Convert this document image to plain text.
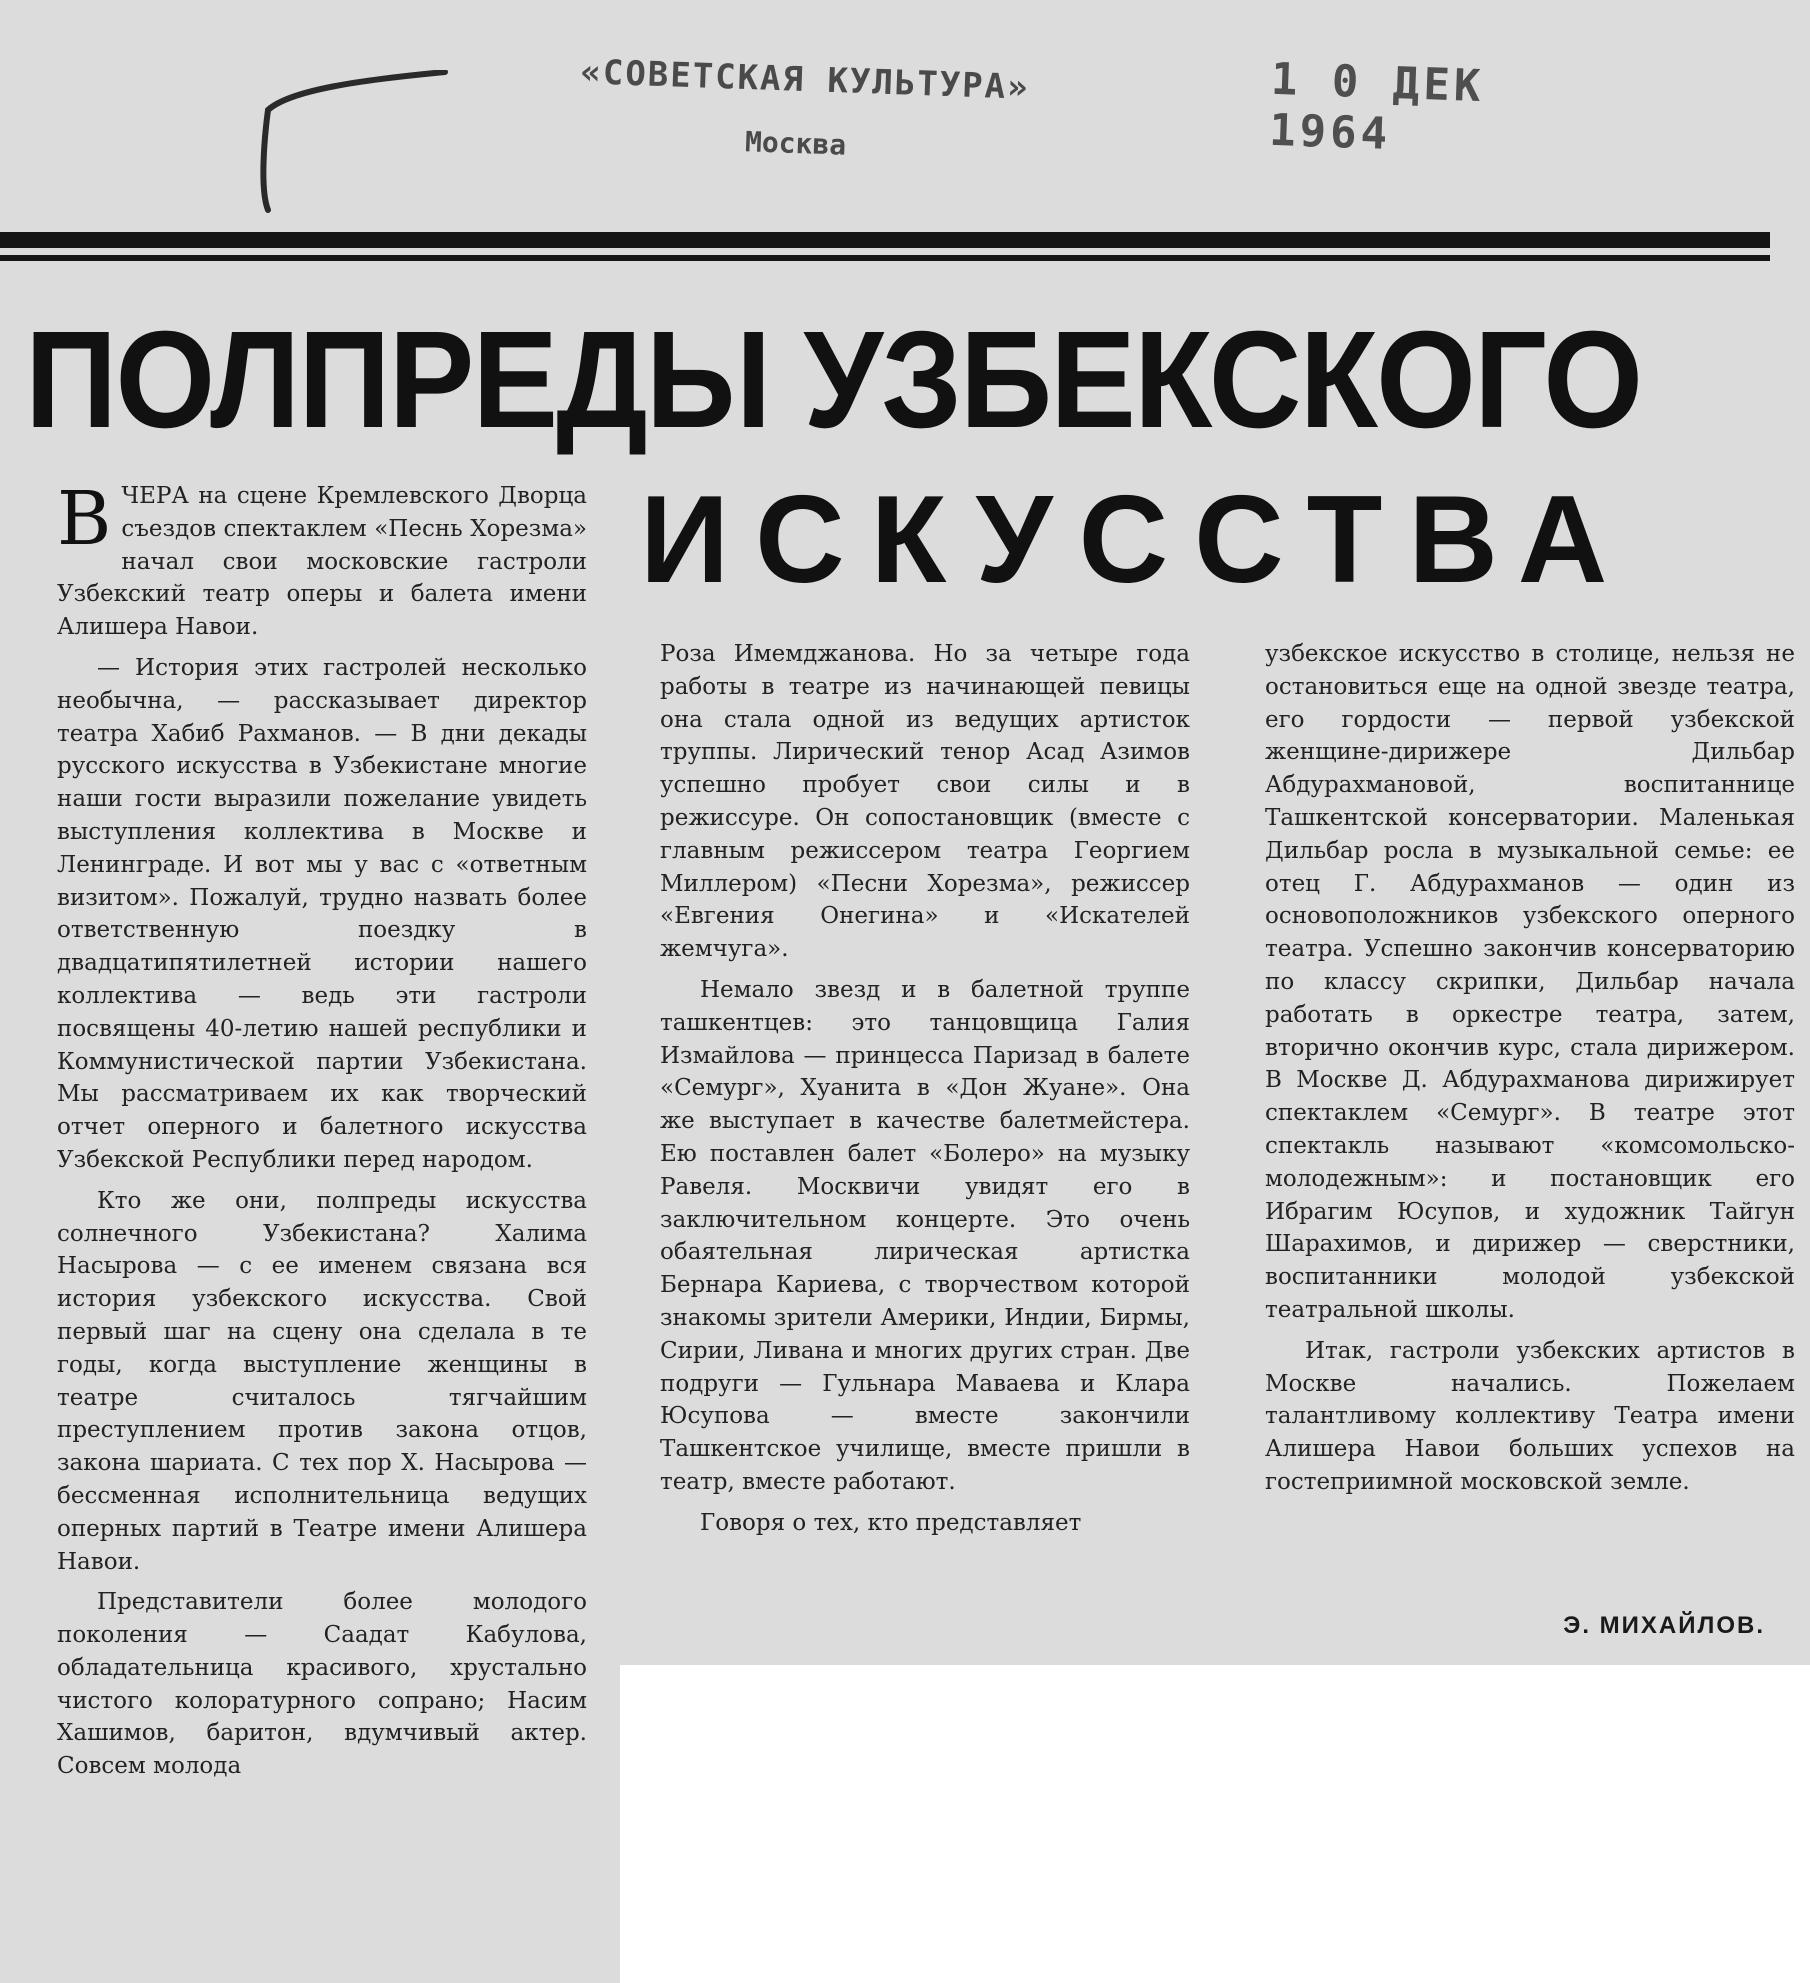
«СОВЕТСКАЯ КУЛЬТУРА»
Москва
1 0 ДЕК 1964
ПОЛПРЕДЫ УЗБЕКСКОГО
ИСКУССТВА

ВЧЕРА на сцене Кремлевского Дворца съездов спектаклем «Песнь Хорезма» начал свои московские гастроли Узбекский театр оперы и балета имени Алишера Навои.

— История этих гастролей несколько необычна, — рассказывает директор театра Хабиб Рахманов. — В дни декады русского искусства в Узбекистане многие наши гости выразили пожелание увидеть выступления коллектива в Москве и Ленинграде. И вот мы у вас с «ответным визитом». Пожалуй, трудно назвать более ответственную поездку в двадцатипятилетней истории нашего коллектива — ведь эти гастроли посвящены 40-летию нашей республики и Коммунистической партии Узбекистана. Мы рассматриваем их как творческий отчет оперного и балетного искусства Узбекской Республики перед народом.

Кто же они, полпреды искусства солнечного Узбекистана? Халима Насырова — с ее именем связана вся история узбекского искусства. Свой первый шаг на сцену она сделала в те годы, когда выступление женщины в театре считалось тягчайшим преступлением против закона отцов, закона шариата. С тех пор Х. Насырова — бессменная исполнительница ведущих оперных партий в Театре имени Алишера Навои.

Представители более молодого поколения — Саадат Кабулова, обладательница красивого, хрустально чистого колоратурного сопрано; Насим Хашимов, баритон, вдумчивый актер. Совсем молода

Роза Имемджанова. Но за четыре года работы в театре из начинающей певицы она стала одной из ведущих артисток труппы. Лирический тенор Асад Азимов успешно пробует свои силы и в режиссуре. Он сопостановщик (вместе с главным режиссером театра Георгием Миллером) «Песни Хорезма», режиссер «Евгения Онегина» и «Искателей жемчуга».

Немало звезд и в балетной труппе ташкентцев: это танцовщица Галия Измайлова — принцесса Паризад в балете «Семург», Хуанита в «Дон Жуане». Она же выступает в качестве балетмейстера. Ею поставлен балет «Болеро» на музыку Равеля. Москвичи увидят его в заключительном концерте. Это очень обаятельная лирическая артистка Бернара Кариева, с творчеством которой знакомы зрители Америки, Индии, Бирмы, Сирии, Ливана и многих других стран. Две подруги — Гульнара Маваева и Клара Юсупова — вместе закончили Ташкентское училище, вместе пришли в театр, вместе работают.

Говоря о тех, кто представляет

узбекское искусство в столице, нельзя не остановиться еще на одной звезде театра, его гордости — первой узбекской женщине-дирижере Дильбар Абдурахмановой, воспитаннице Ташкентской консерватории. Маленькая Дильбар росла в музыкальной семье: ее отец Г. Абдурахманов — один из основоположников узбекского оперного театра. Успешно закончив консерваторию по классу скрипки, Дильбар начала работать в оркестре театра, затем, вторично окончив курс, стала дирижером. В Москве Д. Абдурахманова дирижирует спектаклем «Семург». В театре этот спектакль называют «комсомольско-молодежным»: и постановщик его Ибрагим Юсупов, и художник Тайгун Шарахимов, и дирижер — сверстники, воспитанники молодой узбекской театральной школы.

Итак, гастроли узбекских артистов в Москве начались. Пожелаем талантливому коллективу Театра имени Алишера Навои больших успехов на гостеприимной московской земле.

Э. МИХАЙЛОВ.
